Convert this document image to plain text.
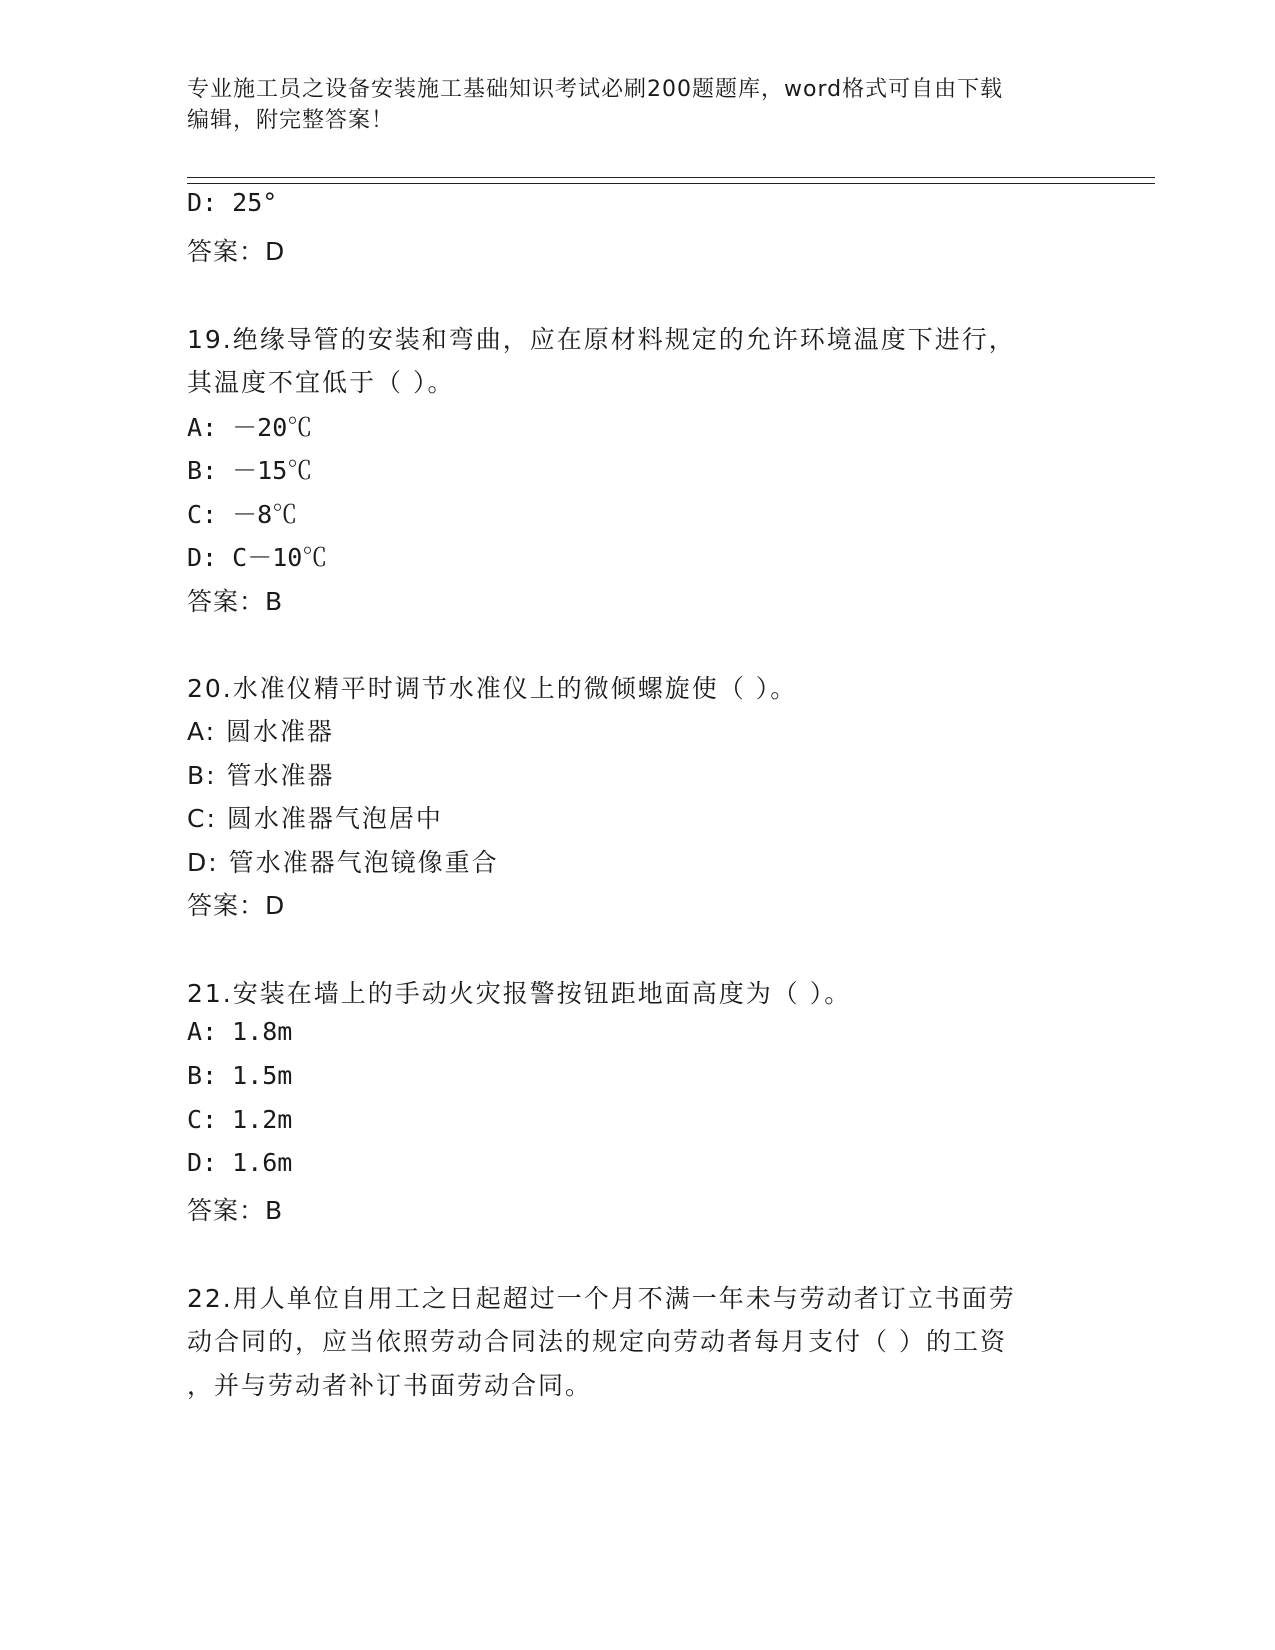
专业施工员之设备安装施工基础知识考试必刷200题题库，word格式可自由下载
编辑，附完整答案！
D: 25°
答案：D
19.绝缘导管的安装和弯曲，应在原材料规定的允许环境温度下进行，
其温度不宜低于（ ）。
A: －20℃
B: －15℃
C: －8℃
D: C－10℃
答案：B
20.水准仪精平时调节水准仪上的微倾螺旋使（ ）。
A: 圆水准器
B: 管水准器
C: 圆水准器气泡居中
D: 管水准器气泡镜像重合
答案：D
21.安装在墙上的手动火灾报警按钮距地面高度为（ ）。
A: 1.8m
B: 1.5m
C: 1.2m
D: 1.6m
答案：B
22.用人单位自用工之日起超过一个月不满一年未与劳动者订立书面劳
动合同的，应当依照劳动合同法的规定向劳动者每月支付（ ）的工资
，并与劳动者补订书面劳动合同。
